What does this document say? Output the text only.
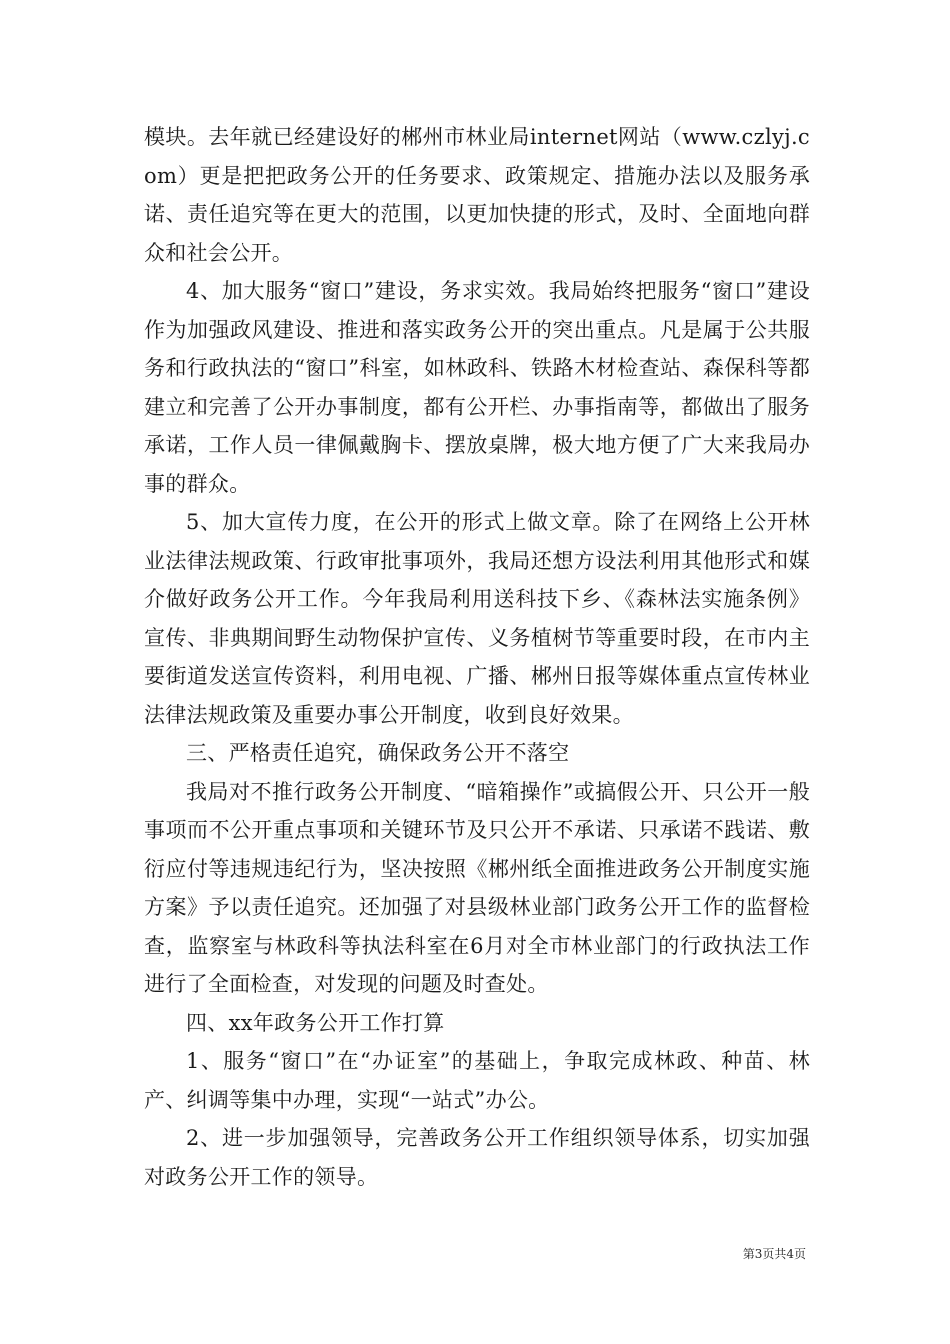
模块。去年就已经建设好的郴州市林业局internet网站（www.czlyj.com）更是把把政务公开的任务要求、政策规定、措施办法以及服务承诺、责任追究等在更大的范围，以更加快捷的形式，及时、全面地向群众和社会公开。

4、加大服务“窗口”建设，务求实效。我局始终把服务“窗口”建设作为加强政风建设、推进和落实政务公开的突出重点。凡是属于公共服务和行政执法的“窗口”科室，如林政科、铁路木材检查站、森保科等都建立和完善了公开办事制度，都有公开栏、办事指南等，都做出了服务承诺，工作人员一律佩戴胸卡、摆放桌牌，极大地方便了广大来我局办事的群众。

5、加大宣传力度，在公开的形式上做文章。除了在网络上公开林业法律法规政策、行政审批事项外，我局还想方设法利用其他形式和媒介做好政务公开工作。今年我局利用送科技下乡、《森林法实施条例》宣传、非典期间野生动物保护宣传、义务植树节等重要时段，在市内主要街道发送宣传资料，利用电视、广播、郴州日报等媒体重点宣传林业法律法规政策及重要办事公开制度，收到良好效果。

三、严格责任追究，确保政务公开不落空

我局对不推行政务公开制度、“暗箱操作”或搞假公开、只公开一般事项而不公开重点事项和关键环节及只公开不承诺、只承诺不践诺、敷衍应付等违规违纪行为，坚决按照《郴州纸全面推进政务公开制度实施方案》予以责任追究。还加强了对县级林业部门政务公开工作的监督检查，监察室与林政科等执法科室在6月对全市林业部门的行政执法工作进行了全面检查，对发现的问题及时查处。

四、xx年政务公开工作打算

1、服务“窗口”在“办证室”的基础上，争取完成林政、种苗、林产、纠调等集中办理，实现“一站式”办公。

2、进一步加强领导，完善政务公开工作组织领导体系，切实加强对政务公开工作的领导。

第3页共4页
